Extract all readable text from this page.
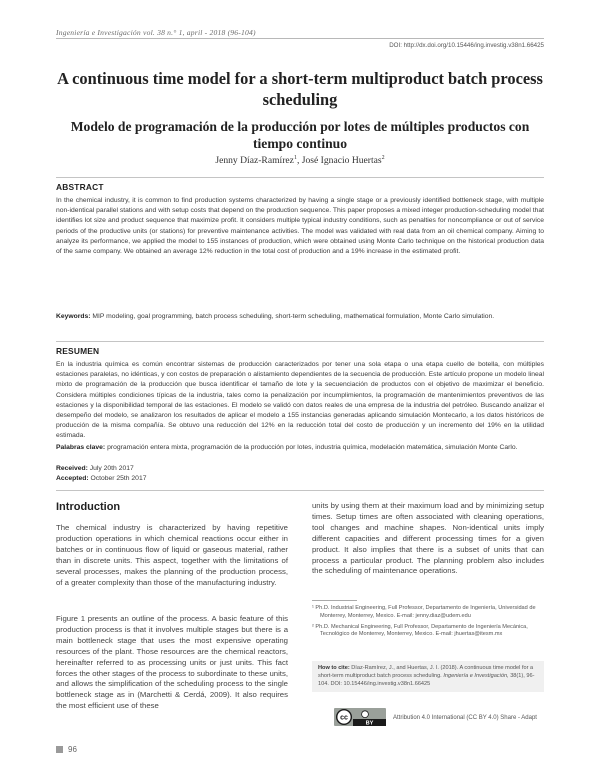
Ingeniería e Investigación vol. 38 n.° 1, april - 2018 (96-104)
DOI: http://dx.doi.org/10.15446/ing.investig.v38n1.66425
A continuous time model for a short-term multiproduct batch process scheduling
Modelo de programación de la producción por lotes de múltiples productos con tiempo continuo
Jenny Díaz-Ramírez$^1$, José Ignacio Huertas$^2$
ABSTRACT
In the chemical industry, it is common to find production systems characterized by having a single stage or a previously identified bottleneck stage, with multiple non-identical parallel stations and with setup costs that depend on the production sequence. This paper proposes a mixed integer production-scheduling model that identifies lot size and product sequence that maximize profit. It considers multiple typical industry conditions, such as penalties for noncompliance or out of service periods of the productive units (or stations) for preventive maintenance activities. The model was validated with real data from an oil chemical company. Aiming to analyze its performance, we applied the model to 155 instances of production, which were obtained using Monte Carlo technique on the historical production data of the same company. We obtained an average 12% reduction in the total cost of production and a 19% increase in the estimated profit.
Keywords: MIP modeling, goal programming, batch process scheduling, short-term scheduling, mathematical formulation, Monte Carlo simulation.
RESUMEN
En la industria química es común encontrar sistemas de producción caracterizados por tener una sola etapa o una etapa cuello de botella, con múltiples estaciones paralelas, no idénticas, y con costos de preparación o alistamiento dependientes de la secuencia de producción. Este artículo propone un modelo lineal mixto de programación de la producción que busca identificar el tamaño de lote y la secuenciación de productos con el objetivo de maximizar el beneficio. Considera múltiples condiciones típicas de la industria, tales como la penalización por incumplimientos, la programación de mantenimientos preventivos de las estaciones y la disponibilidad temporal de las estaciones. El modelo se validó con datos reales de una empresa de la industria del petróleo. Buscando analizar el desempeño del modelo, se analizaron los resultados de aplicar el modelo a 155 instancias generadas aplicando simulación Montecarlo, a los datos históricos de producción de la misma compañía. Se obtuvo una reducción del 12% en la reducción total del costo de producción y un incremento del 19% en la utilidad estimada.
Palabras clave: programación entera mixta, programación de la producción por lotes, industria química, modelación matemática, simulación Monte Carlo.
Received: July 20th 2017
Accepted: October 25th 2017
Introduction
The chemical industry is characterized by having repetitive production operations in which chemical reactions occur either in batches or in continuous flow of liquid or gaseous material, rather than in discrete units. This aspect, together with the limitations of several processes, makes the planning of the production process, of a greater complexity than those of the manufacturing industry.
Figure 1 presents an outline of the process. A basic feature of this production process is that it involves multiple stages but there is a main bottleneck stage that uses the most expensive operating resources of the plant. Those resources are the chemical reactors, hereinafter referred to as processing units or just units. This fact forces the other stages of the process to subordinate to these units, and allows the simplification of the scheduling process to the single bottleneck stage as in (Marchetti & Cerdá, 2009). It also requires the most efficient use of these
units by using them at their maximum load and by minimizing setup times. Setup times are often associated with cleaning operations, tool changes and machine shapes. Non-identical units imply different capacities and different processing times for a given product. It also implies that there is a subset of units that can process a particular product. The planning problem also includes the scheduling of maintenance operations.
¹ Ph.D. Industrial Engineering, Full Professor, Departamento de Ingeniería, Universidad de Monterrey, Monterrey, Mexico. E-mail: jenny.diaz@udem.edu
² Ph.D. Mechanical Engineering, Full Professor, Departamento de Ingeniería Mecánica, Tecnológico de Monterrey, Monterrey, Mexico. E-mail: jhuertas@itesm.mx
How to cite: Díaz-Ramírez, J., and Huertas, J. I. (2018). A continuous time model for a short-term multiproduct batch process scheduling. Ingeniería e Investigación, 38(1), 96-104. DOI: 10.15446/ing.investig.v38n1.66425
cc
BY
Attribution 4.0 International (CC BY 4.0) Share - Adapt
96
